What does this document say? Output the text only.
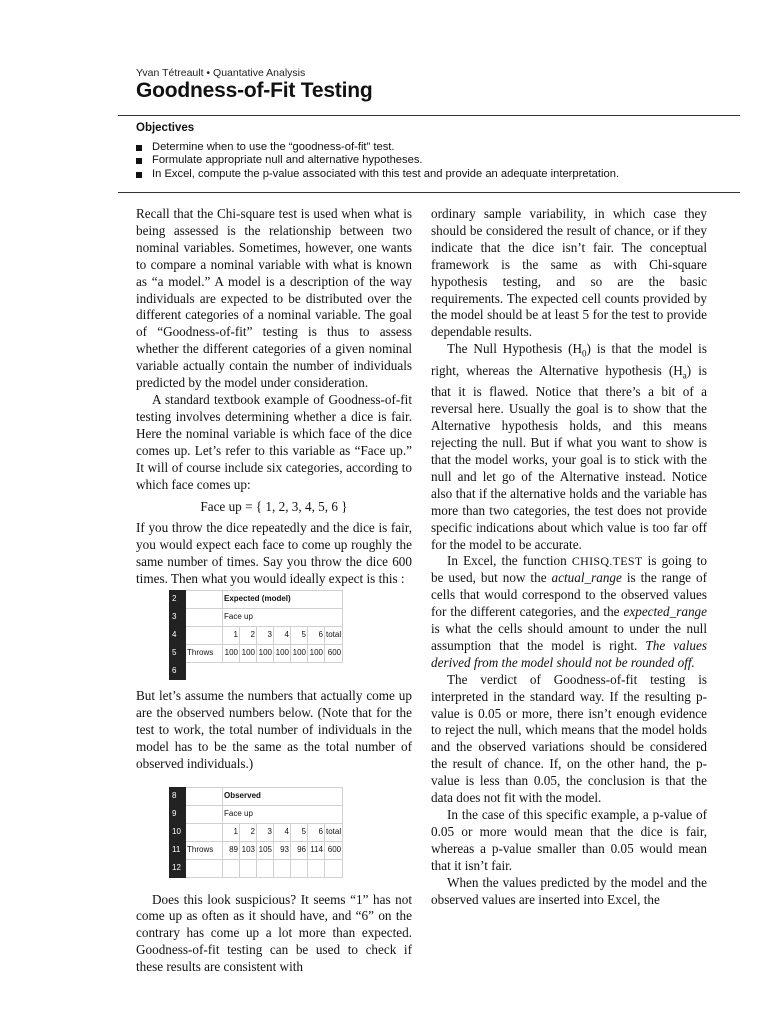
Yvan Tétreault • Quantative Analysis
Goodness-of-Fit Testing
Objectives
Determine when to use the “goodness-of-fit” test.
Formulate appropriate null and alternative hypotheses.
In Excel, compute the p-value associated with this test and provide an adequate interpretation.

Recall that the Chi-square test is used when what is being assessed is the relationship between two nominal variables. Sometimes, however, one wants to compare a nominal variable with what is known as “a model.” A model is a description of the way individuals are expected to be distributed over the different categories of a nominal variable. The goal of “Goodness-of-fit” testing is thus to assess whether the different categories of a given nominal variable actually contain the number of individuals predicted by the model under consideration.

A standard textbook example of Goodness-of-fit testing involves determining whether a dice is fair. Here the nominal variable is which face of the dice comes up. Let’s refer to this variable as “Face up.” It will of course include six categories, according to which face comes up:

Face up = { 1, 2, 3, 4, 5, 6 }

If you throw the dice repeatedly and the dice is fair, you would expect each face to come up roughly the same number of times. Say you throw the dice 600 times. Then what you would ideally expect is this :

2		Expected (model)						
3		Face up						
4		1	2	3	4	5	6	total
5	Throws	100	100	100	100	100	100	600
6								

But let’s assume the numbers that actually come up are the observed numbers below. (Note that for the test to work, the total number of individuals in the model has to be the same as the total number of observed individuals.)

8		Observed						
9		Face up						
10		1	2	3	4	5	6	total
11	Throws	89	103	105	93	96	114	600
12								

Does this look suspicious? It seems “1” has not come up as often as it should have, and “6” on the contrary has come up a lot more than expected. Goodness-of-fit testing can be used to check if these results are consistent with

ordinary sample variability, in which case they should be considered the result of chance, or if they indicate that the dice isn’t fair. The conceptual framework is the same as with Chi-square hypothesis testing, and so are the basic requirements. The expected cell counts provided by the model should be at least 5 for the test to provide dependable results.

The Null Hypothesis $(H_0)$ is that the model is right, whereas the Alternative hypothesis $(H_a)$ is that it is flawed. Notice that there’s a bit of a reversal here. Usually the goal is to show that the Alternative hypothesis holds, and this means rejecting the null. But if what you want to show is that the model works, your goal is to stick with the null and let go of the Alternative instead. Notice also that if the alternative holds and the variable has more than two categories, the test does not provide specific indications about which value is too far off for the model to be accurate.

In Excel, the function CHISQ.TEST is going to be used, but now the actual_range is the range of cells that would correspond to the observed values for the different categories, and the expected_range is what the cells should amount to under the null assumption that the model is right. The values derived from the model should not be rounded off.

The verdict of Goodness-of-fit testing is interpreted in the standard way. If the resulting p-value is 0.05 or more, there isn’t enough evidence to reject the null, which means that the model holds and the observed variations should be considered the result of chance. If, on the other hand, the p-value is less than 0.05, the conclusion is that the data does not fit with the model.

In the case of this specific example, a p-value of 0.05 or more would mean that the dice is fair, whereas a p-value smaller than 0.05 would mean that it isn’t fair.

When the values predicted by the model and the observed values are inserted into Excel, the
